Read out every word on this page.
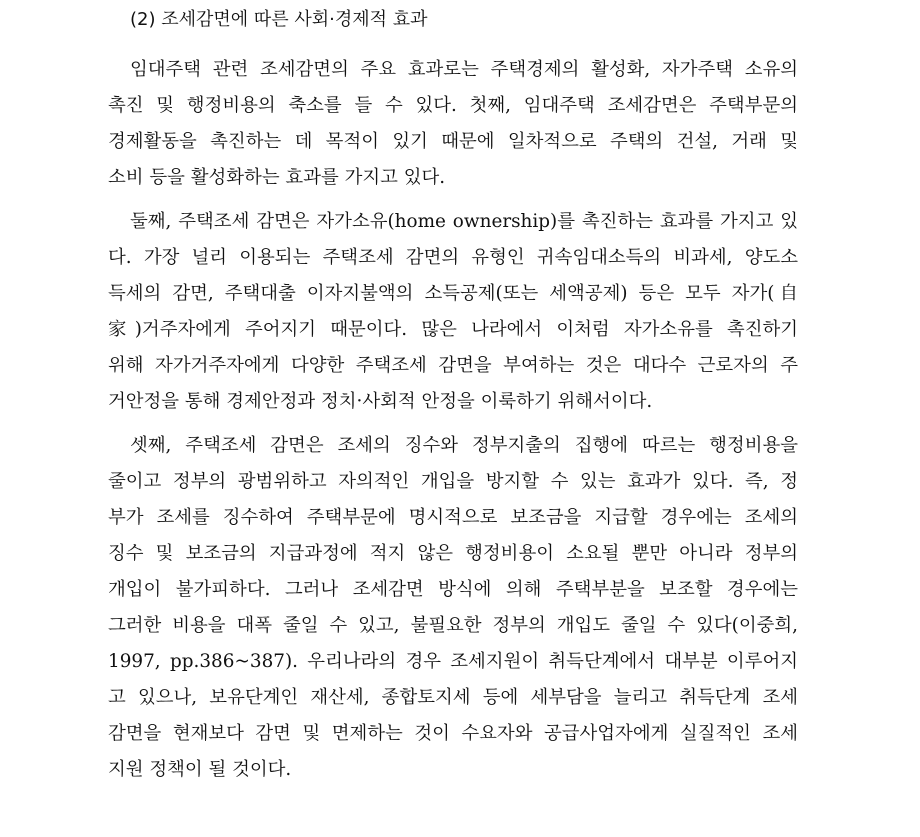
(2) 조세감면에 따른 사회·경제적 효과
임대주택 관련 조세감면의 주요 효과로는 주택경제의 활성화, 자가주택 소유의
촉진 및 행정비용의 축소를 들 수 있다. 첫째, 임대주택 조세감면은 주택부문의
경제활동을 촉진하는 데 목적이 있기 때문에 일차적으로 주택의 건설, 거래 및
소비 등을 활성화하는 효과를 가지고 있다.
둘째, 주택조세 감면은 자가소유(home ownership)를 촉진하는 효과를 가지고 있
다. 가장 널리 이용되는 주택조세 감면의 유형인 귀속임대소득의 비과세, 양도소
득세의 감면, 주택대출 이자지불액의 소득공제(또는 세액공제) 등은 모두 자가(自
家)거주자에게 주어지기 때문이다. 많은 나라에서 이처럼 자가소유를 촉진하기
위해 자가거주자에게 다양한 주택조세 감면을 부여하는 것은 대다수 근로자의 주
거안정을 통해 경제안정과 정치·사회적 안정을 이룩하기 위해서이다.
셋째, 주택조세 감면은 조세의 징수와 정부지출의 집행에 따르는 행정비용을
줄이고 정부의 광범위하고 자의적인 개입을 방지할 수 있는 효과가 있다. 즉, 정
부가 조세를 징수하여 주택부문에 명시적으로 보조금을 지급할 경우에는 조세의
징수 및 보조금의 지급과정에 적지 않은 행정비용이 소요될 뿐만 아니라 정부의
개입이 불가피하다. 그러나 조세감면 방식에 의해 주택부분을 보조할 경우에는
그러한 비용을 대폭 줄일 수 있고, 불필요한 정부의 개입도 줄일 수 있다(이중희,
1997, pp.386~387). 우리나라의 경우 조세지원이 취득단계에서 대부분 이루어지
고 있으나, 보유단계인 재산세, 종합토지세 등에 세부담을 늘리고 취득단계 조세
감면을 현재보다 감면 및 면제하는 것이 수요자와 공급사업자에게 실질적인 조세
지원 정책이 될 것이다.
